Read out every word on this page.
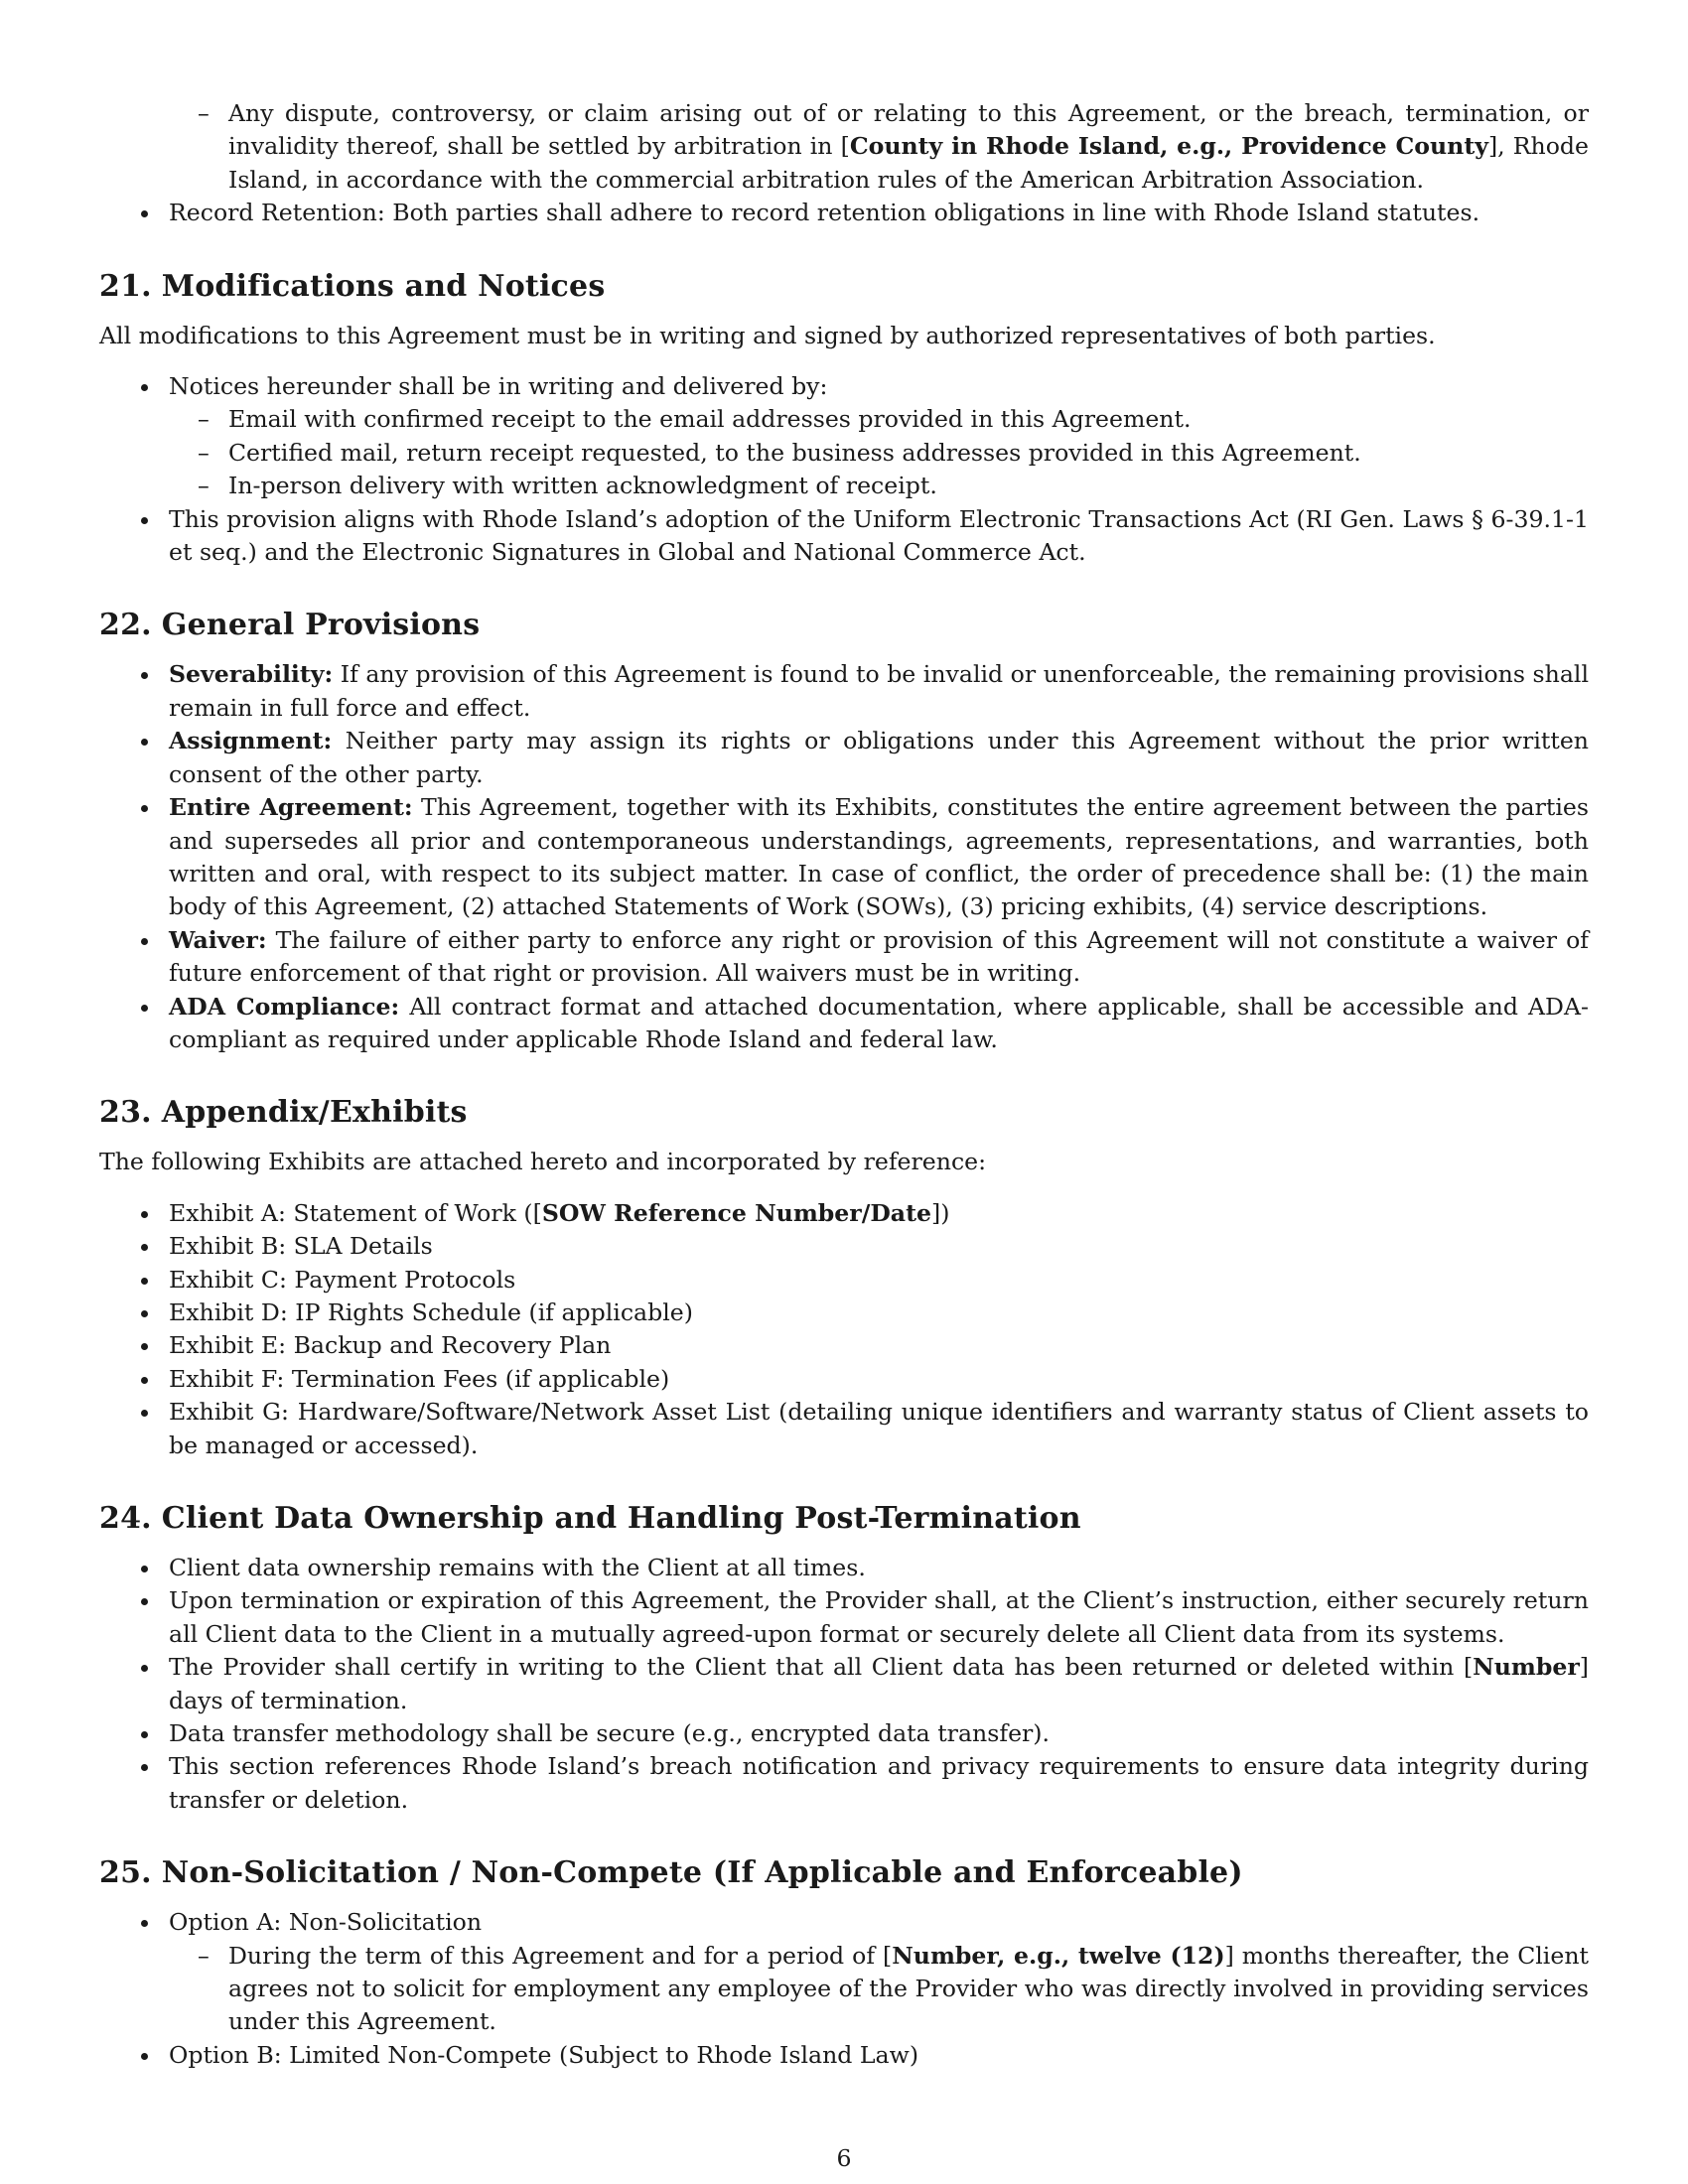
– Any dispute, controversy, or claim arising out of or relating to this Agreement, or the breach, termination, or invalidity thereof, shall be settled by arbitration in [County in Rhode Island, e.g., Providence County], Rhode Island, in accordance with the commercial arbitration rules of the American Arbitration Association.
Record Retention: Both parties shall adhere to record retention obligations in line with Rhode Island statutes.
21. Modifications and Notices

All modifications to this Agreement must be in writing and signed by authorized representatives of both parties.

Notices hereunder shall be in writing and delivered by:
– Email with confirmed receipt to the email addresses provided in this Agreement.
– Certified mail, return receipt requested, to the business addresses provided in this Agreement.
– In-person delivery with written acknowledgment of receipt.
This provision aligns with Rhode Island’s adoption of the Uniform Electronic Transactions Act (RI Gen. Laws § 6-39.1-1 et seq.) and the Electronic Signatures in Global and National Commerce Act.
22. General Provisions
Severability: If any provision of this Agreement is found to be invalid or unenforceable, the remaining provisions shall remain in full force and effect.
Assignment: Neither party may assign its rights or obligations under this Agreement without the prior written consent of the other party.
Entire Agreement: This Agreement, together with its Exhibits, constitutes the entire agreement between the parties and supersedes all prior and contemporaneous understandings, agreements, representations, and warranties, both written and oral, with respect to its subject matter. In case of conflict, the order of precedence shall be: (1) the main body of this Agreement, (2) attached Statements of Work (SOWs), (3) pricing exhibits, (4) service descriptions.
Waiver: The failure of either party to enforce any right or provision of this Agreement will not constitute a waiver of future enforcement of that right or provision. All waivers must be in writing.
ADA Compliance: All contract format and attached documentation, where applicable, shall be accessible and ADA-compliant as required under applicable Rhode Island and federal law.
23. Appendix/Exhibits

The following Exhibits are attached hereto and incorporated by reference:

Exhibit A: Statement of Work ([SOW Reference Number/Date])
Exhibit B: SLA Details
Exhibit C: Payment Protocols
Exhibit D: IP Rights Schedule (if applicable)
Exhibit E: Backup and Recovery Plan
Exhibit F: Termination Fees (if applicable)
Exhibit G: Hardware/Software/Network Asset List (detailing unique identifiers and warranty status of Client assets to be managed or accessed).
24. Client Data Ownership and Handling Post-Termination
Client data ownership remains with the Client at all times.
Upon termination or expiration of this Agreement, the Provider shall, at the Client’s instruction, either securely return all Client data to the Client in a mutually agreed-upon format or securely delete all Client data from its systems.
The Provider shall certify in writing to the Client that all Client data has been returned or deleted within [Number] days of termination.
Data transfer methodology shall be secure (e.g., encrypted data transfer).
This section references Rhode Island’s breach notification and privacy requirements to ensure data integrity during transfer or deletion.
25. Non-Solicitation / Non-Compete (If Applicable and Enforceable)
Option A: Non-Solicitation
– During the term of this Agreement and for a period of [Number, e.g., twelve (12)] months thereafter, the Client agrees not to solicit for employment any employee of the Provider who was directly involved in providing services under this Agreement.
Option B: Limited Non-Compete (Subject to Rhode Island Law)
6
